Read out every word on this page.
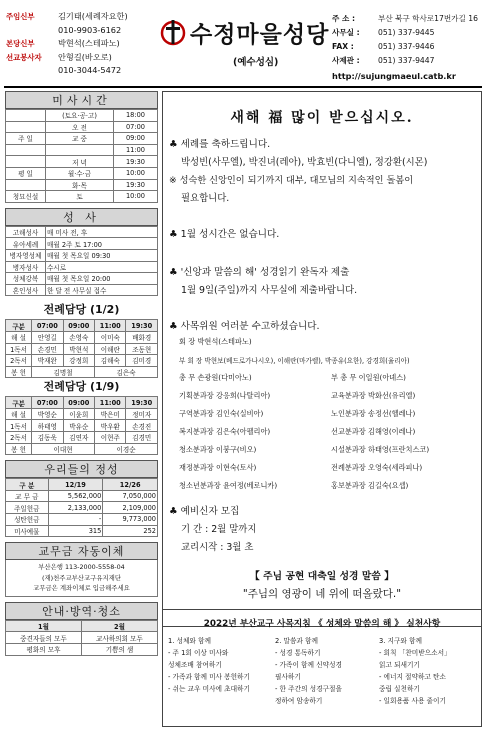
주임신부	김기태(세례자요한)
010-9903-6162
본당신부	박현석(스테파노)
선교봉사자 안형길(바오로)
010-3044-5472
수정마을성당
(예수성심)
주 소 :	부산 북구 학사로17번가길 16
사무실 : 051) 337-9445
FAX :	051) 337-9446
사제관 : 051) 337-9447
http://sujungmaeul.catb.kr
미사시간
	(토요·공·고)	18:00
	오 전	07:00
주 일	교 중	09:00
		11:00
	저 녁	19:30
평 일	월·수·금	10:00
	화·목	19:30
청묘신설	토	10:00
성 사
고해성사	매 미사 전, 후
유아세례	매월 2주 토 17:00
병자영성체	매월 첫 목요일 09:30
병자성사	수시로
성체강복	매월 첫 목요일 20:00
혼인성사	한 달 전 사무실 접수
전례담당 (1/2)
구분	07:00	09:00	11:00	19:30
해 설	안영길	손영숙	이미숙	배화경
1독서	손경민	박현석	이해란	조동현
2독서	박재완	강정희	김해숙	김미경
봉 헌	김명철		김은숙	
전례담당 (1/9)
구분	07:00	09:00	11:00	19:30
해 설	박영순	이윤희	박은미	정미자
1독서	하태영	박유순	박우환	손경진
2독서	김동욱	김연자	이현주	김경민
봉 헌	이대현		이경순	
우리들의 정성
구 분	12/19	12/26
교 무 금	5,562,000	7,050,000
주일헌금	2,133,000	2,109,000
성탄헌금	-	9,773,000
미사예물	315	252
교무금 자동이체
부산은행 113-2000-5558-04
(재)천주교부산교구유지재단
교무금은 계좌이체로 입금해주세요
안내·방역·청소
1월	2월
중견자들의 모두	교사하의회 모두
평화의 모후	기쁨의 샘
새해 福 많이 받으십시오.
♣ 세례를 축하드립니다.
박성빈(사무엘), 박진녀(레아), 박효빈(다니엘), 정강환(시몬)
※ 성숙한 신앙인이 되기까지 대부, 대모님의 지속적인 돌봄이
필요합니다.
♣ 1월 성시간은 없습니다.
♣ '신앙과 말씀의 해' 성경읽기 완독자 제출
1월 9일(주일)까지 사무실에 제출바랍니다.
♣ 사목위원 여러분 수고하셨습니다.
회 장 박현석(스테파노)
부 회 장 박현보(베드로가나시오), 이해란(마가렐), 박종유(요한), 강경희(율리아)
총 무 손광원(다미아노)	부 총 무 이일원(아녜스)
기획분과장 강응희(나탈리아)	교육분과장 박화선(유리엘)
구역분과장 김인숙(실비아)	노인분과장 송정선(헬레나)
복지분과장 김은숙(아펠리아)	선교분과장 김해영(이레나)
청소분과장 이붕구(비오)	시설분과장 하태영(프란치스코)
재정분과장 이현숙(토사)	전례분과장 오영숙(세라피나)
청소년분과장 윤여정(베로니카)	홍보분과장 김길숙(요셉)
♣ 예비신자 모집
기 간 : 2월 말까지
교리시작 : 3월 초
【 주님 공현 대축일 성경 말씀 】
"주님의 영광이 네 위에 떠올랐다."
2022년 부산교구 사목지침 《 성체와 말씀의 해 》 실천사항
1. 성체와 함께
- 주 1회 이상 미사와
성체조배 참여하기
- 가족과 함께 미사 봉헌하기
- 쉬는 교우 미사에 초대하기
2. 말씀과 함께
- 성경 통독하기
- 가족이 함께 신약성경
필사하기
- 한 주간의 성경구절을
정하여 암송하기
3. 지구와 함께
- 회칙 「찬미받으소서」
읽고 되새기기
- 에너지 절약하고 탄소
중립 실천하기
- 일회용품 사용 줄이기
